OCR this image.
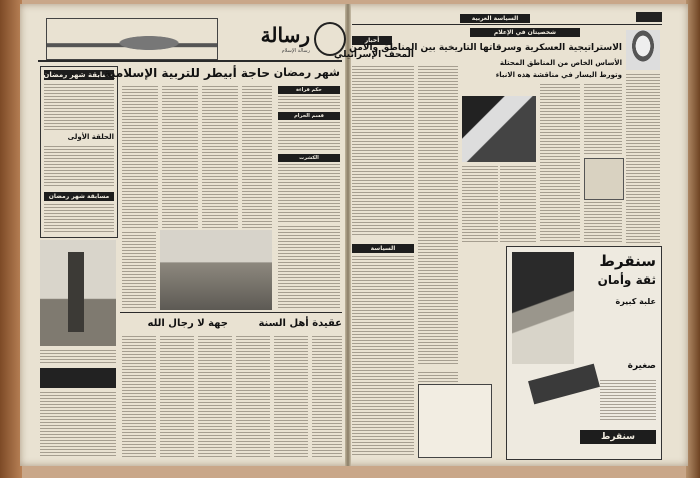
رسالة
رسالة الإسلام
مسابقة شهر رمضان
الحلقة الأولى
مسابقة شهر رمضان
حاجة أبيطر للتربية الإسلامية شهر رمضان
حكم قراءة
قسم الحرام
الكشرت
جهة لا رجال الله	عقيدة أهل السنة
السياسة العربية
أخبار
المحف الإسرائيلي
السياسة
شخصيتان في الإعلام
الاستراتيجية العسكرية وسرقاتها التاريخية بين المناطق والأمن
الأساس الخاص من المناطق المحتلة
وتورط اليسار في مناقشة هذه الانباء
سنقرط
ثقة وأمان
علبة كبيرة
صغيرة
سنقرط
